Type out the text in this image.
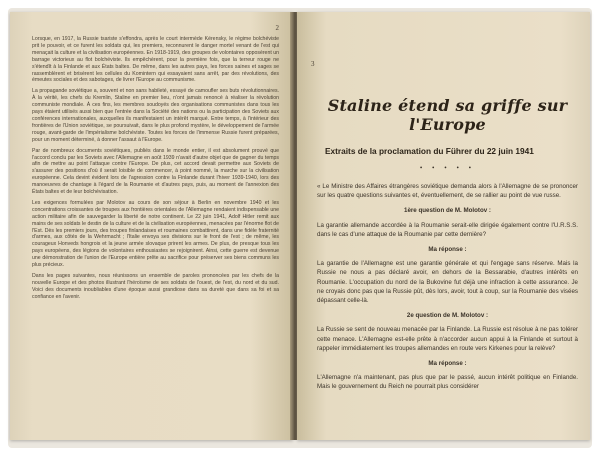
2

Lorsque, en 1917, la Russie tsariste s'effondra, après le court intermède Kérensky, le régime bolchéviste prit le pouvoir, et ce furent les soldats qui, les premiers, reconnurent le danger mortel venant de l'est qui menaçait la culture et la civilisation européennes. En 1918-1919, des groupes de volontaires opposèrent un barrage victorieux au flot bolchéviste. Ils empêchèrent, pour la première fois, que la terreur rouge ne s'étendît à la Finlande et aux États baltes. De même, dans les autres pays, les forces saines et sages se rassemblèrent et brisèrent les cellules du Komintern qui essayaient sans arrêt, par des révolutions, des émeutes sociales et des sabotages, de livrer l'Europe au communisme.

La propagande soviétique a, souvent et non sans habileté, essayé de camoufler ses buts révolutionnaires. À la vérité, les chefs du Kremlin, Staline en premier lieu, n'ont jamais renoncé à réaliser la révolution communiste mondiale. À ces fins, les membres soudoyés des organisations communistes dans tous les pays étaient utilisés aussi bien que l'entrée dans la Société des nations ou la participation des Soviets aux conférences internationales, auxquelles ils manifestaient un intérêt marqué. Entre temps, à l'intérieur des frontières de l'Union soviétique, se poursuivait, dans le plus profond mystère, le développement de l'armée rouge, avant-garde de l'impérialisme bolchéviste. Toutes les forces de l'immense Russie furent préparées, pour un moment déterminé, à donner l'assaut à l'Europe.

Par de nombreux documents soviétiques, publiés dans le monde entier, il est absolument prouvé que l'accord conclu par les Soviets avec l'Allemagne en août 1939 n'avait d'autre objet que de gagner du temps afin de mettre au point l'attaque contre l'Europe. De plus, cet accord devait permettre aux Soviets de s'assurer des positions d'où il serait loisible de commencer, à point nommé, la marche sur la civilisation européenne. Cela devint évident lors de l'agression contre la Finlande durant l'hiver 1939-1940, lors des manoeuvres de chantage à l'égard de la Roumanie et d'autres pays, puis, au moment de l'annexion des États baltes et de leur bolchévisation.

Les exigences formulées par Molotov au cours de son séjour à Berlin en novembre 1940 et les concentrations croissantes de troupes aux frontières orientales de l'Allemagne rendaient indispensable une action militaire afin de sauvegarder la liberté de notre continent. Le 22 juin 1941, Adolf Hitler remit aux mains de ses soldats le destin de la culture et de la civilisation européennes, menacées par l'énorme flot de l'Est. Dès les premiers jours, des troupes finlandaises et roumaines combattirent, dans une fidèle fraternité d'armes, aux côtés de la Wehrmacht ; l'Italie envoya ses divisions sur le front de l'est ; de même, les courageux Honveds hongrois et la jeune armée slovaque prirent les armes. De plus, de presque tous les pays européens, des légions de volontaires enthousiastes se rejoignirent. Ainsi, cette guerre est devenue une démonstration de l'union de l'Europe entière prête au sacrifice pour préserver ses biens communs les plus précieux.

Dans les pages suivantes, nous réunissons un ensemble de paroles prononcées par les chefs de la nouvelle Europe et des photos illustrant l'héroïsme de ses soldats de l'ouest, de l'est, du nord et du sud. Voici des documents inoubliables d'une époque aussi grandiose dans sa dureté que dans sa foi et sa confiance en l'avenir.

3
Staline étend sa griffe sur l'Europe
Extraits de la proclamation du Führer du 22 juin 1941
• • • • •

« Le Ministre des Affaires étrangères soviétique demanda alors à l'Allemagne de se prononcer sur les quatre questions suivantes et, éventuellement, de se rallier au point de vue russe.

1ère question de M. Molotov :

La garantie allemande accordée à la Roumanie serait-elle dirigée également contre l'U.R.S.S. dans le cas d'une attaque de la Roumanie par cette dernière?

Ma réponse :

La garantie de l'Allemagne est une garantie générale et qui l'engage sans réserve. Mais la Russie ne nous a pas déclaré avoir, en dehors de la Bessarabie, d'autres intérêts en Roumanie. L'occupation du nord de la Bukovine fut déjà une infraction à cette assurance. Je ne croyais donc pas que la Russie pût, dès lors, avoir, tout à coup, sur la Roumanie des visées dépassant celle-là.

2e question de M. Molotov :

La Russie se sent de nouveau menacée par la Finlande. La Russie est résolue à ne pas tolérer cette menace. L'Allemagne est-elle prête à n'accorder aucun appui à la Finlande et surtout à rappeler immédiatement les troupes allemandes en route vers Kirkenes pour la relève?

Ma réponse :

L'Allemagne n'a maintenant, pas plus que par le passé, aucun intérêt politique en Finlande. Mais le gouvernement du Reich ne pourrait plus considérer
